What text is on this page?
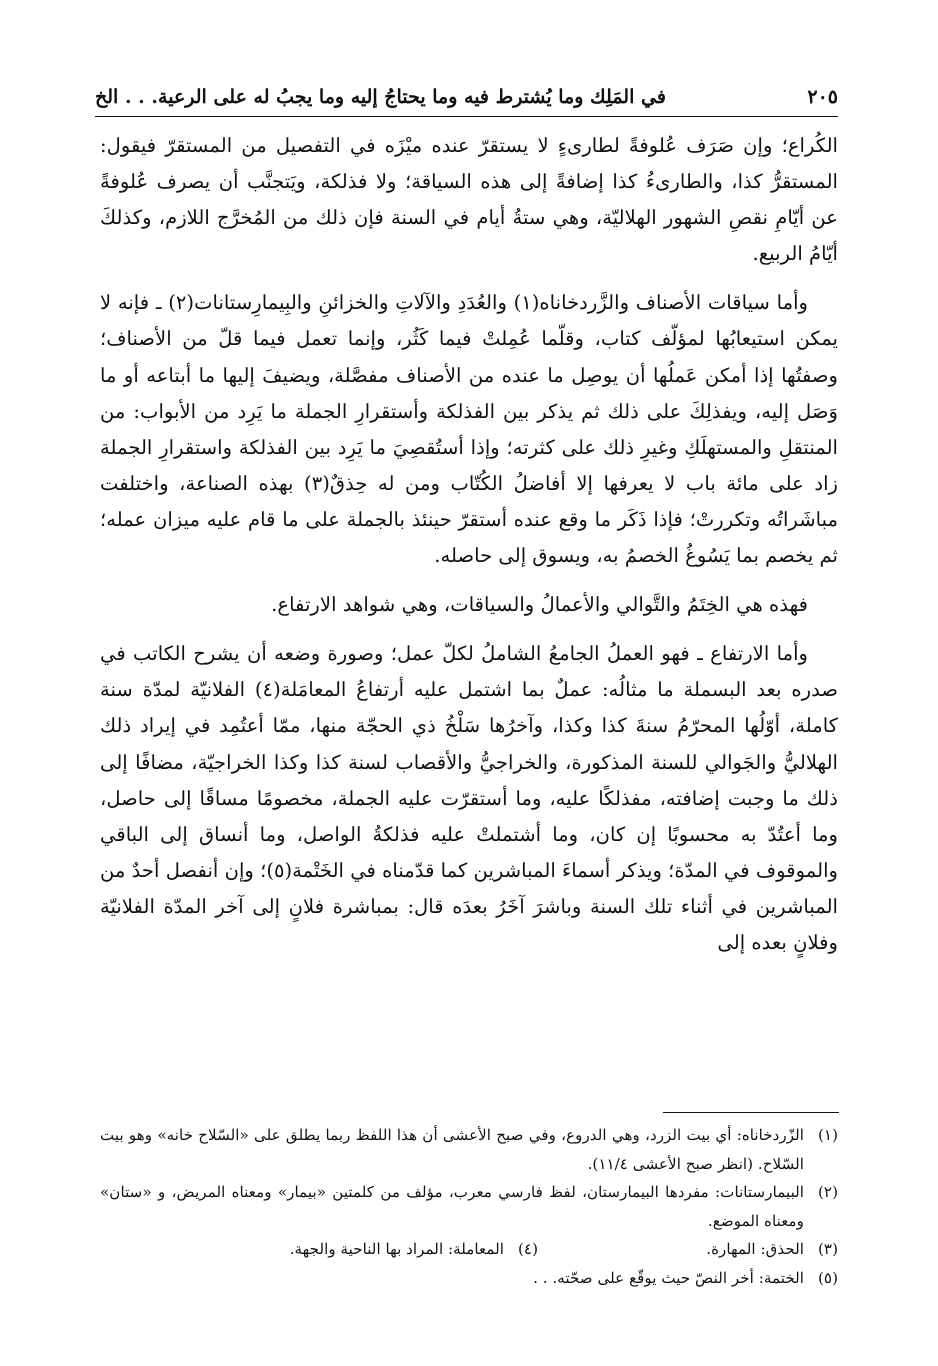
في المَلِك وما يُشترط فيه وما يحتاجُ إليه وما يجبُ له على الرعية. . . الخ	٢٠٥

الكُراع؛ وإن صَرَف عُلوفةً لطارىءٍ لا يستقرّ عنده ميْزَه في التفصيل من المستقرّ فيقول: المستقرُّ كذا، والطارىءُ كذا إضافةً إلى هذه السياقة؛ ولا فذلكة، ويَتجنَّب أن يصرف عُلوفةً عن أيّامِ نقصِ الشهور الهلاليّة، وهي ستةُ أيام في السنة فإن ذلك من المُخرَّج اللازم، وكذلكَ أيّامُ الربيع.

وأما سياقات الأصناف والزَّردخاناه(١) والعُدَدِ والآلاتِ والخزائنِ والبِيمارِستانات(٢) ـ فإنه لا يمكن استيعابُها لمؤلّف كتاب، وقلّما عُمِلتْ فيما كَثُر، وإنما تعمل فيما قلّ من الأصناف؛ وصفتُها إذا أمكن عَملُها أن يوصِل ما عنده من الأصناف مفصَّلة، ويضيفَ إليها ما أبتاعه أو ما وَصَل إليه، ويفذلِكَ على ذلك ثم يذكر بين الفذلكة وأستقرارِ الجملة ما يَرِد من الأبواب: من المنتقلِ والمستهلَكِ وغيرِ ذلك على كثرته؛ وإذا أستُقصِيَ ما يَرِد بين الفذلكة واستقرارِ الجملة زاد على مائة باب لا يعرفها إلا أفاضلُ الكُتّاب ومن له حِذقٌ(٣) بهذه الصناعة، واختلفت مباشَراتُه وتكررتْ؛ فإذا ذَكَر ما وقع عنده أستقرّ حينئذ بالجملة على ما قام عليه ميزان عمله؛ ثم يخصم بما يَسُوغُ الخصمُ به، ويسوق إلى حاصله.

فهذه هي الخِتَمُ والتَّوالي والأعمالُ والسياقات، وهي شواهد الارتفاع.

وأما الارتفاع ـ فهو العملُ الجامعُ الشاملُ لكلّ عمل؛ وصورة وضعه أن يشرح الكاتب في صدره بعد البسملة ما مثالُه: عملٌ بما اشتمل عليه أرتفاعُ المعامَلة(٤) الفلانيّة لمدّة سنة كاملة، أوّلُها المحرّمُ سنةَ كذا وكذا، وآخرُها سَلْخُ ذي الحجّة منها، ممّا أعتُمِد في إيراد ذلك الهلاليُّ والجَوالي للسنة المذكورة، والخراجيُّ والأقصاب لسنة كذا وكذا الخراجيّة، مضافًا إلى ذلك ما وجبت إضافته، مفذلكًا عليه، وما أستقرّت عليه الجملة، مخصومًا مساقًا إلى حاصل، وما أعتُدّ به محسوبًا إن كان، وما أشتملتْ عليه فذلكةُ الواصل، وما أنساق إلى الباقي والموقوف في المدّة؛ ويذكر أسماءَ المباشرين كما قدّمناه في الخَتْمة(٥)؛ وإن أنفصل أحدٌ من المباشرين في أثناء تلك السنة وباشرَ آخَرُ بعدَه قال: بمباشرة فلانٍ إلى آخر المدّة الفلانيّة وفلانٍ بعده إلى

(١)
الزّردخاناه: أي بيت الزرد، وهي الدروع، وفي صبح الأعشى أن هذا اللفظ ربما يطلق على «السّلاح خانه» وهو بيت السّلاح. (انظر صبح الأعشى ١١/٤).
(٢)
البيمارستانات: مفردها البيمارستان، لفظ فارسي معرب، مؤلف من كلمتين «بيمار» ومعناه المريض، و «ستان» ومعناه الموضع.
(٣)
الحذق: المهارة.
(٤)
المعاملة: المراد بها الناحية والجهة.
(٥)
الختمة: أخر النصّ حيث يوقّع على صحّته. . .
